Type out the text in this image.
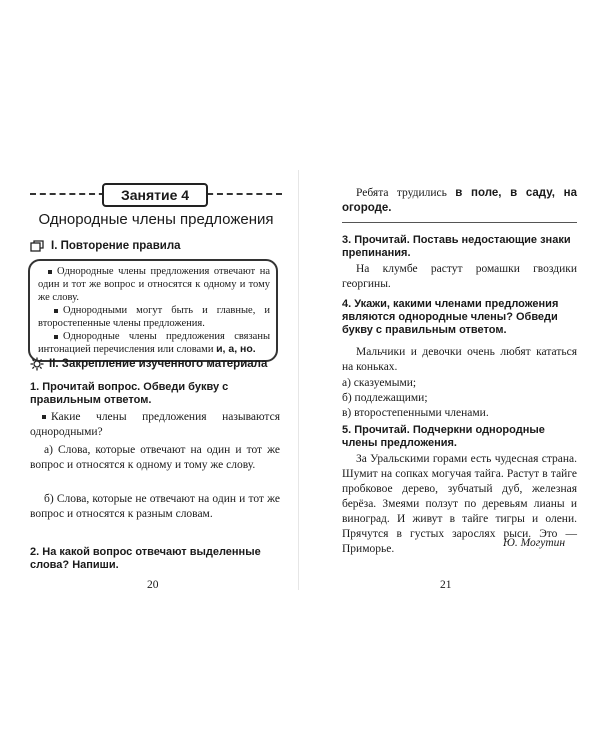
Занятие 4
Однородные члены предложения
I. Повторение правила

Однородные члены предложения отвечают на один и тот же вопрос и относятся к одному и тому же слову.

Однородными могут быть и главные, и второстепенные члены предложения.

Однородные члены предложения связаны интонацией перечисления или словами и, а, но.

II. Закрепление изученного материала
1. Прочитай вопрос. Обведи букву с правильным ответом.
Какие члены предложения называются однородными?
а) Слова, которые отвечают на один и тот же вопрос и относятся к одному и тому же слову.
б) Слова, которые не отвечают на один и тот же вопрос и относятся к разным словам.
2. На какой вопрос отвечают выделенные слова? Напиши.
20
Ребята трудились в поле, в саду, на огороде.
3. Прочитай. Поставь недостающие знаки препинания.
На клумбе растут ромашки гвоздики георгины.
4. Укажи, какими членами предложения являются однородные члены? Обведи букву с правильным ответом.
Мальчики и девочки очень любят кататься на коньках.
а) сказуемыми;
б) подлежащими;
в) второстепенными членами.
5. Прочитай. Подчеркни однородные члены предложения.
За Уральскими горами есть чудесная страна. Шумит на сопках могучая тайга. Растут в тайге пробковое дерево, зубчатый дуб, железная берёза. Змеями ползут по деревьям лианы и виноград. И живут в тайге тигры и олени. Прячутся в густых зарослях рыси. Это — Приморье.	Ю. Могутин
21
